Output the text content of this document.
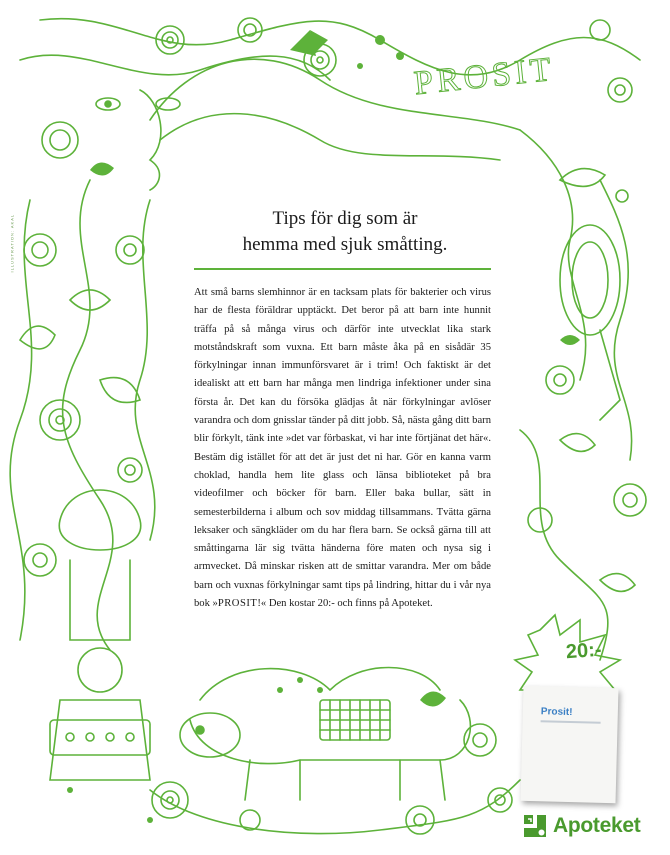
ILLUSTRATION: AKAL
PROSIT
Tips för dig som är
hemma med sjuk småtting.

Att små barns slemhinnor är en tacksam plats för bakterier och virus har de flesta föräldrar upptäckt. Det beror på att barn inte hunnit träffa på så många virus och därför inte utvecklat lika stark motståndskraft som vuxna. Ett barn måste åka på en sisådär 35 förkylningar innan immunförsvaret är i trim! Och faktiskt är det idealiskt att ett barn har många men lindriga infektioner under sina första år. Det kan du försöka glädjas åt när förkylningar avlöser varandra och dom gnisslar tänder på ditt jobb. Så, nästa gång ditt barn blir förkylt, tänk inte »det var förbaskat, vi har inte förtjänat det här«. Bestäm dig istället för att det är just det ni har. Gör en kanna varm choklad, handla hem lite glass och länsa biblioteket på bra videofilmer och böcker för barn. Eller baka bullar, sätt in semesterbilderna i album och sov middag tillsammans. Tvätta gärna leksaker och sängkläder om du har flera barn. Se också gärna till att småttingarna lär sig tvätta händerna före maten och nysa sig i armvecket. Då minskar risken att de smittar varandra. Mer om både barn och vuxnas förkylningar samt tips på lindring, hittar du i vår nya bok »PROSIT!« Den kostar 20:- och finns på Apoteket.

20:-
Prosit!
Apoteket
